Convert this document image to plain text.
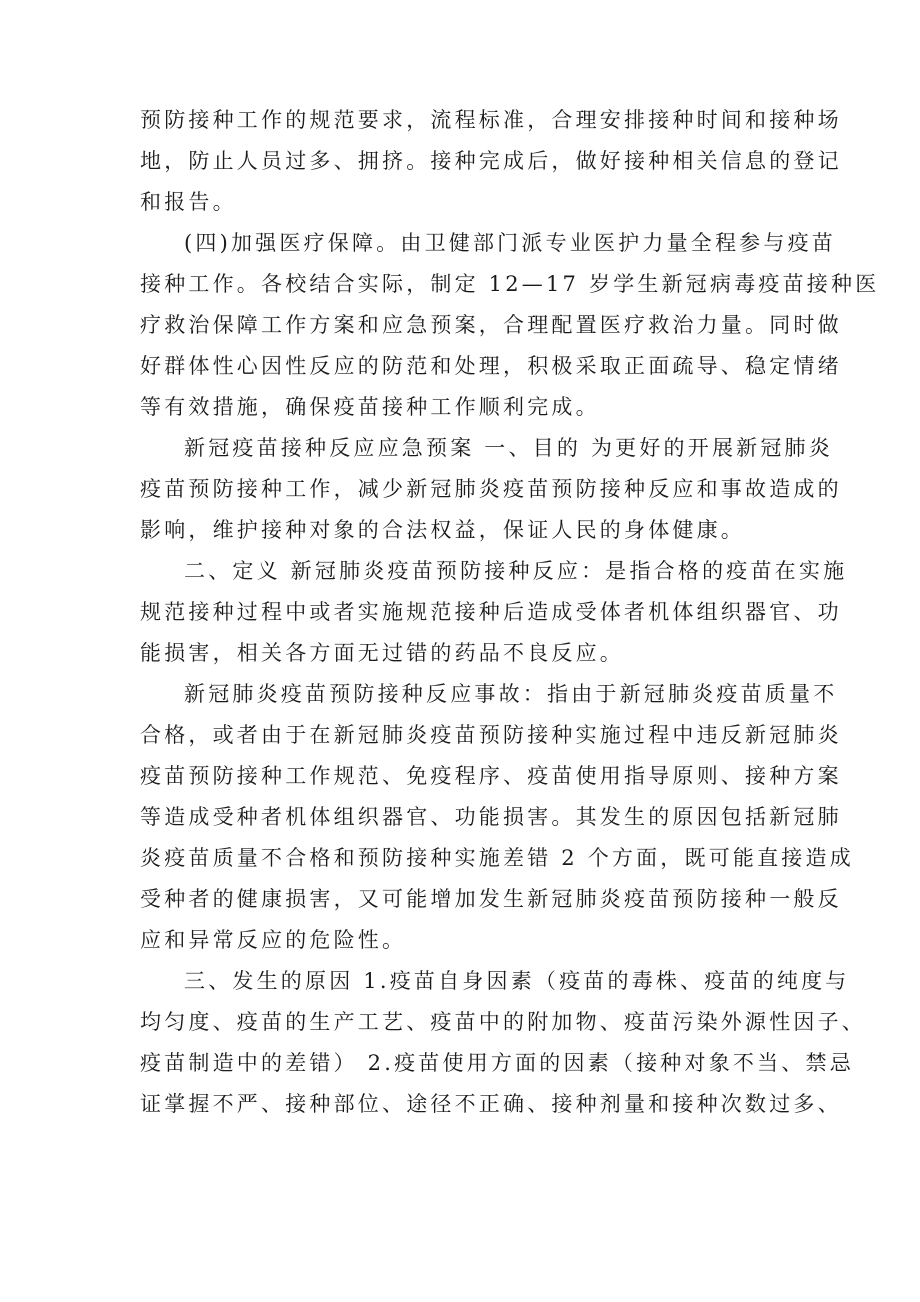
预防接种工作的规范要求，流程标准，合理安排接种时间和接种场
地，防止人员过多、拥挤。接种完成后，做好接种相关信息的登记
和报告。
(四)加强医疗保障。由卫健部门派专业医护力量全程参与疫苗
接种工作。各校结合实际，制定 12—17 岁学生新冠病毒疫苗接种医
疗救治保障工作方案和应急预案，合理配置医疗救治力量。同时做
好群体性心因性反应的防范和处理，积极采取正面疏导、稳定情绪
等有效措施，确保疫苗接种工作顺利完成。
新冠疫苗接种反应应急预案 一、目的 为更好的开展新冠肺炎
疫苗预防接种工作，减少新冠肺炎疫苗预防接种反应和事故造成的
影响，维护接种对象的合法权益，保证人民的身体健康。
二、定义 新冠肺炎疫苗预防接种反应：是指合格的疫苗在实施
规范接种过程中或者实施规范接种后造成受体者机体组织器官、功
能损害，相关各方面无过错的药品不良反应。
新冠肺炎疫苗预防接种反应事故：指由于新冠肺炎疫苗质量不
合格，或者由于在新冠肺炎疫苗预防接种实施过程中违反新冠肺炎
疫苗预防接种工作规范、免疫程序、疫苗使用指导原则、接种方案
等造成受种者机体组织器官、功能损害。其发生的原因包括新冠肺
炎疫苗质量不合格和预防接种实施差错 2 个方面，既可能直接造成
受种者的健康损害，又可能增加发生新冠肺炎疫苗预防接种一般反
应和异常反应的危险性。
三、发生的原因 1.疫苗自身因素（疫苗的毒株、疫苗的纯度与
均匀度、疫苗的生产工艺、疫苗中的附加物、疫苗污染外源性因子、
疫苗制造中的差错） 2.疫苗使用方面的因素（接种对象不当、禁忌
证掌握不严、接种部位、途径不正确、接种剂量和接种次数过多、
